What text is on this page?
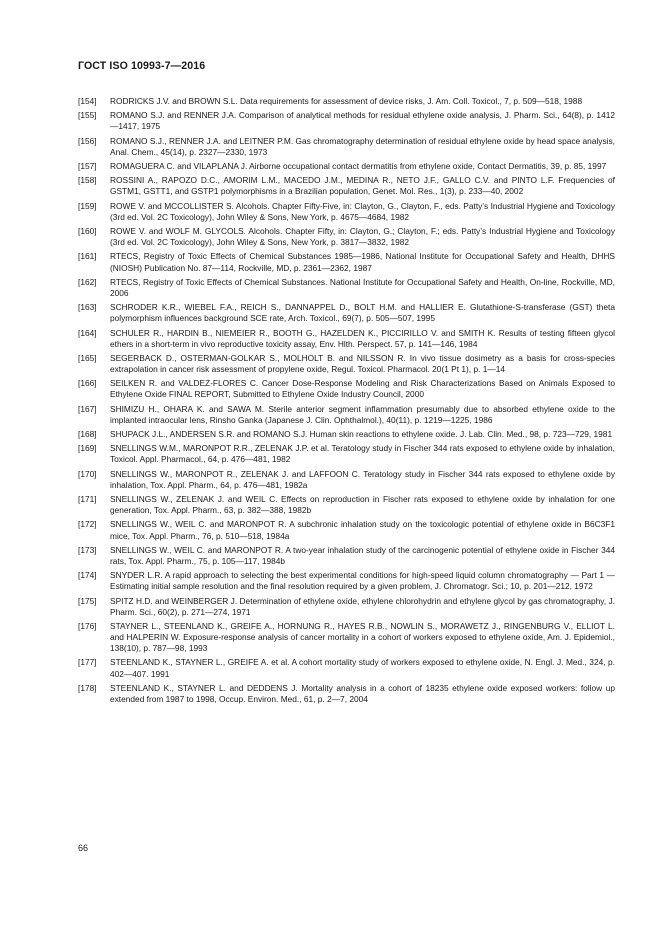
ГОСТ ISO 10993-7—2016
[154] RODRICKS J.V. and BROWN S.L. Data requirements for assessment of device risks, J. Am. Coll. Toxicol., 7, p. 509—518, 1988
[155] ROMANO S.J. and RENNER J.A. Comparison of analytical methods for residual ethylene oxide analysis, J. Pharm. Sci., 64(8), p. 1412—1417, 1975
[156] ROMANO S.J., RENNER J.A. and LEITNER P.M. Gas chromatography determination of residual ethylene oxide by head space analysis, Anal. Chem., 45(14), p. 2327—2330, 1973
[157] ROMAGUERA C. and VILAPLANA J. Airborne occupational contact dermatitis from ethylene oxide, Contact Dermatitis, 39, p. 85, 1997
[158] ROSSINI A., RAPOZO D.C., AMORIM L.M., MACEDO J.M., MEDINA R., NETO J.F., GALLO C.V. and PINTO L.F. Frequencies of GSTM1, GSTT1, and GSTP1 polymorphisms in a Brazilian population, Genet. Mol. Res., 1(3), p. 233—40, 2002
[159] ROWE V. and MCCOLLISTER S. Alcohols. Chapter Fifty-Five, in: Clayton, G., Clayton, F., eds. Patty’s Industrial Hygiene and Toxicology (3rd ed. Vol. 2C Toxicology), John Wiley & Sons, New York, p. 4675—4684, 1982
[160] ROWE V. and WOLF M. GLYCOLS. Alcohols. Chapter Fifty, in: Clayton, G.; Clayton, F.; eds. Patty’s Industrial Hygiene and Toxicology (3rd ed. Vol. 2C Toxicology), John Wiley & Sons, New York, p. 3817—3832, 1982
[161] RTECS, Registry of Toxic Effects of Chemical Substances 1985—1986, National Institute for Occupational Safety and Health, DHHS (NIOSH) Publication No. 87—114, Rockville, MD, p. 2361—2362, 1987
[162] RTECS, Registry of Toxic Effects of Chemical Substances. National Institute for Occupational Safety and Health, On-line, Rockville, MD, 2006
[163] SCHRODER K.R., WIEBEL F.A., REICH S., DANNAPPEL D., BOLT H.M. and HALLIER E. Glutathione-S-transferase (GST) theta polymorphism influences background SCE rate, Arch. Toxicol., 69(7), p. 505—507, 1995
[164] SCHULER R., HARDIN B., NIEMEIER R., BOOTH G., HAZELDEN K., PICCIRILLO V. and SMITH K. Results of testing fifteen glycol ethers in a short-term in vivo reproductive toxicity assay, Env. Hlth. Perspect. 57, p. 141—146, 1984
[165] SEGERBACK D., OSTERMAN-GOLKAR S., MOLHOLT B. and NILSSON R. In vivo tissue dosimetry as a basis for cross-species extrapolation in cancer risk assessment of propylene oxide, Regul. Toxicol. Pharmacol. 20(1 Pt 1), p. 1—14
[166] SEILKEN R. and VALDEZ-FLORES C. Cancer Dose-Response Modeling and Risk Characterizations Based on Animals Exposed to Ethylene Oxide FINAL REPORT, Submitted to Ethylene Oxide Industry Council, 2000
[167] SHIMIZU H., OHARA K. and SAWA M. Sterile anterior segment inflammation presumably due to absorbed ethylene oxide to the implanted intraocular lens, Rinsho Ganka (Japanese J. Clin. Ophthalmol.), 40(11), p. 1219—1225, 1986
[168] SHUPACK J.L., ANDERSEN S.R. and ROMANO S.J. Human skin reactions to ethylene oxide. J. Lab. Clin. Med., 98, p. 723—729, 1981
[169] SNELLINGS W.M., MARONPOT R.R., ZELENAK J.P. et al. Teratology study in Fischer 344 rats exposed to ethylene oxide by inhalation, Toxicol. Appl. Pharmacol., 64, p. 476—481, 1982
[170] SNELLINGS W., MARONPOT R., ZELENAK J. and LAFFOON C. Teratology study in Fischer 344 rats exposed to ethylene oxide by inhalation, Tox. Appl. Pharm., 64, p. 476—481, 1982a
[171] SNELLINGS W., ZELENAK J. and WEIL C. Effects on reproduction in Fischer rats exposed to ethylene oxide by inhalation for one generation, Tox. Appl. Pharm., 63, p. 382—388, 1982b
[172] SNELLINGS W., WEIL C. and MARONPOT R. A subchronic inhalation study on the toxicologic potential of ethylene oxide in B6C3F1 mice, Tox. Appl. Pharm., 76, p. 510—518, 1984a
[173] SNELLINGS W., WEIL C. and MARONPOT R. A two-year inhalation study of the carcinogenic potential of ethylene oxide in Fischer 344 rats, Tox. Appl. Pharm., 75, p. 105—117, 1984b
[174] SNYDER L.R. A rapid approach to selecting the best experimental conditions for high-speed liquid column chromatography — Part 1 — Estimating initial sample resolution and the final resolution required by a given problem, J. Chromatogr. Sci.; 10, p. 201—212, 1972
[175] SPITZ H.D. and WEINBERGER J. Determination of ethylene oxide, ethylene chlorohydrin and ethylene glycol by gas chromatography, J. Pharm. Sci., 60(2), p. 271—274, 1971
[176] STAYNER L., STEENLAND K., GREIFE A., HORNUNG R., HAYES R.B., NOWLIN S., MORAWETZ J., RINGENBURG V., ELLIOT L. and HALPERIN W. Exposure-response analysis of cancer mortality in a cohort of workers exposed to ethylene oxide, Am. J. Epidemiol., 138(10), p. 787—98, 1993
[177] STEENLAND K., STAYNER L., GREIFE A. et al. A cohort mortality study of workers exposed to ethylene oxide, N. Engl. J. Med., 324, p. 402—407. 1991
[178] STEENLAND K., STAYNER L. and DEDDENS J. Mortality analysis in a cohort of 18235 ethylene oxide exposed workers: follow up extended from 1987 to 1998, Occup. Environ. Med., 61, p. 2—7, 2004
66
